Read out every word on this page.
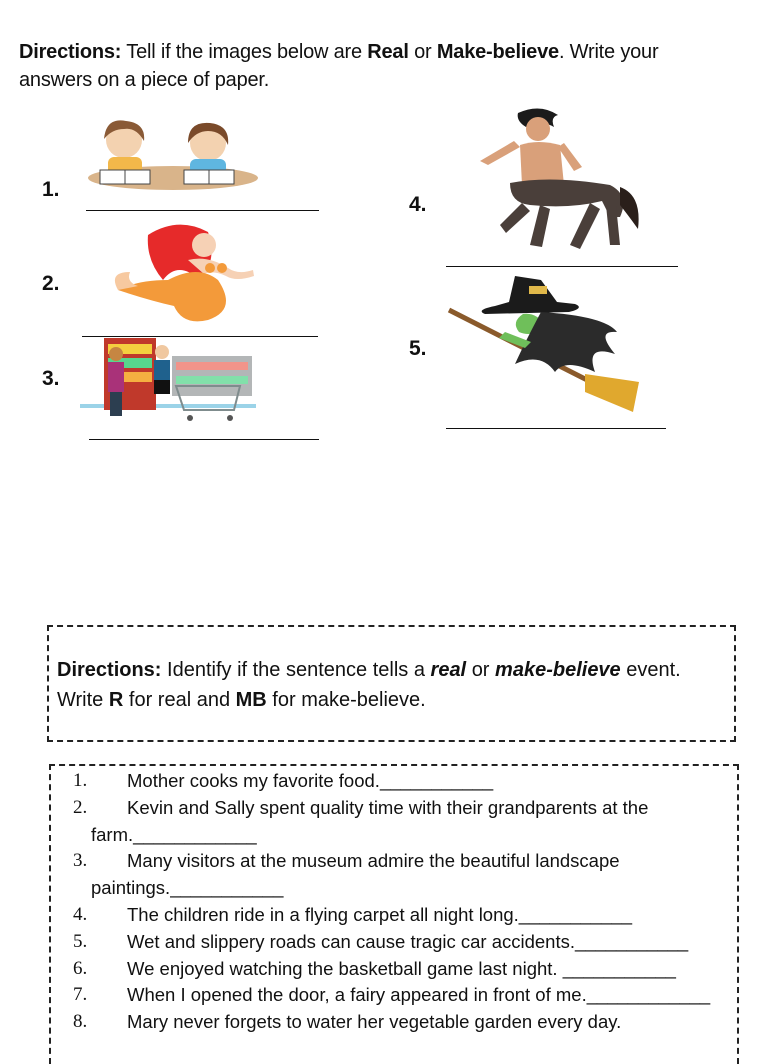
Directions: Tell if the images below are Real or Make-believe. Write your answers on a piece of paper.
1.
2.
3.
4.
5.
Directions: Identify if the sentence tells a real or make-believe event.
Write R for real and MB for make-believe.
1. Mother cooks my favorite food.___________
2. Kevin and Sally spent quality time with their grandparents at the
farm.____________
3. Many visitors at the museum admire the beautiful landscape
paintings.___________
4. The children ride in a flying carpet all night long.___________
5. Wet and slippery roads can cause tragic car accidents.___________
6. We enjoyed watching the basketball game last night. ___________
7. When I opened the door, a fairy appeared in front of me.____________
8. Mary never forgets to water her vegetable garden every day.
